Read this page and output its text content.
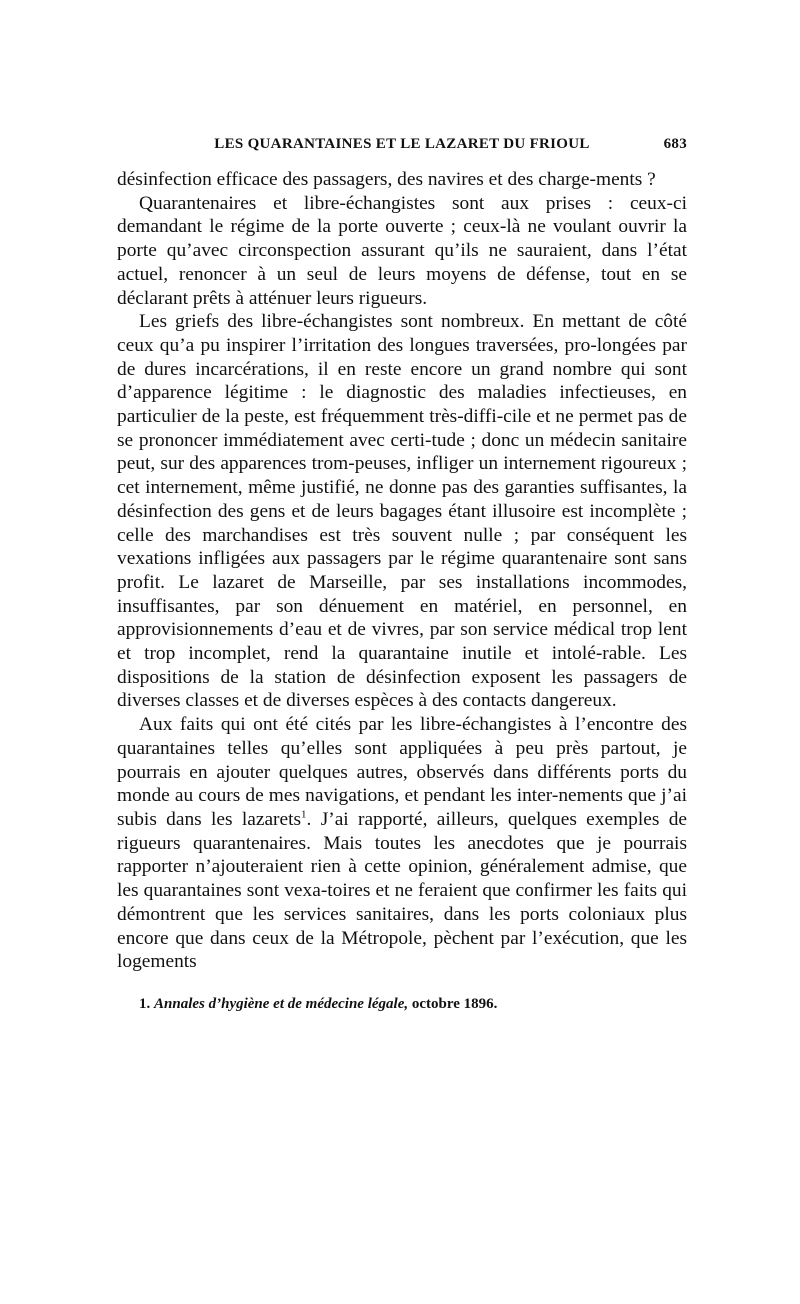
LES QUARANTAINES ET LE LAZARET DU FRIOUL	683

désinfection efficace des passagers, des navires et des charge-ments ?

Quarantenaires et libre-échangistes sont aux prises : ceux-ci demandant le régime de la porte ouverte ; ceux-là ne voulant ouvrir la porte qu’avec circonspection assurant qu’ils ne sauraient, dans l’état actuel, renoncer à un seul de leurs moyens de défense, tout en se déclarant prêts à atténuer leurs rigueurs.

Les griefs des libre-échangistes sont nombreux. En mettant de côté ceux qu’a pu inspirer l’irritation des longues traversées, pro-longées par de dures incarcérations, il en reste encore un grand nombre qui sont d’apparence légitime : le diagnostic des maladies infectieuses, en particulier de la peste, est fréquemment très-diffi-cile et ne permet pas de se prononcer immédiatement avec certi-tude ; donc un médecin sanitaire peut, sur des apparences trom-peuses, infliger un internement rigoureux ; cet internement, même justifié, ne donne pas des garanties suffisantes, la désinfection des gens et de leurs bagages étant illusoire est incomplète ; celle des marchandises est très souvent nulle ; par conséquent les vexations infligées aux passagers par le régime quarantenaire sont sans profit. Le lazaret de Marseille, par ses installations incommodes, insuffisantes, par son dénuement en matériel, en personnel, en approvisionnements d’eau et de vivres, par son service médical trop lent et trop incomplet, rend la quarantaine inutile et intolé-rable. Les dispositions de la station de désinfection exposent les passagers de diverses classes et de diverses espèces à des contacts dangereux.

Aux faits qui ont été cités par les libre-échangistes à l’encontre des quarantaines telles qu’elles sont appliquées à peu près partout, je pourrais en ajouter quelques autres, observés dans différents ports du monde au cours de mes navigations, et pendant les inter-nements que j’ai subis dans les lazarets$^1$. J’ai rapporté, ailleurs, quelques exemples de rigueurs quarantenaires. Mais toutes les anecdotes que je pourrais rapporter n’ajouteraient rien à cette opinion, généralement admise, que les quarantaines sont vexa-toires et ne feraient que confirmer les faits qui démontrent que les services sanitaires, dans les ports coloniaux plus encore que dans ceux de la Métropole, pèchent par l’exécution, que les logements

1. Annales d’hygiène et de médecine légale, octobre 1896.
